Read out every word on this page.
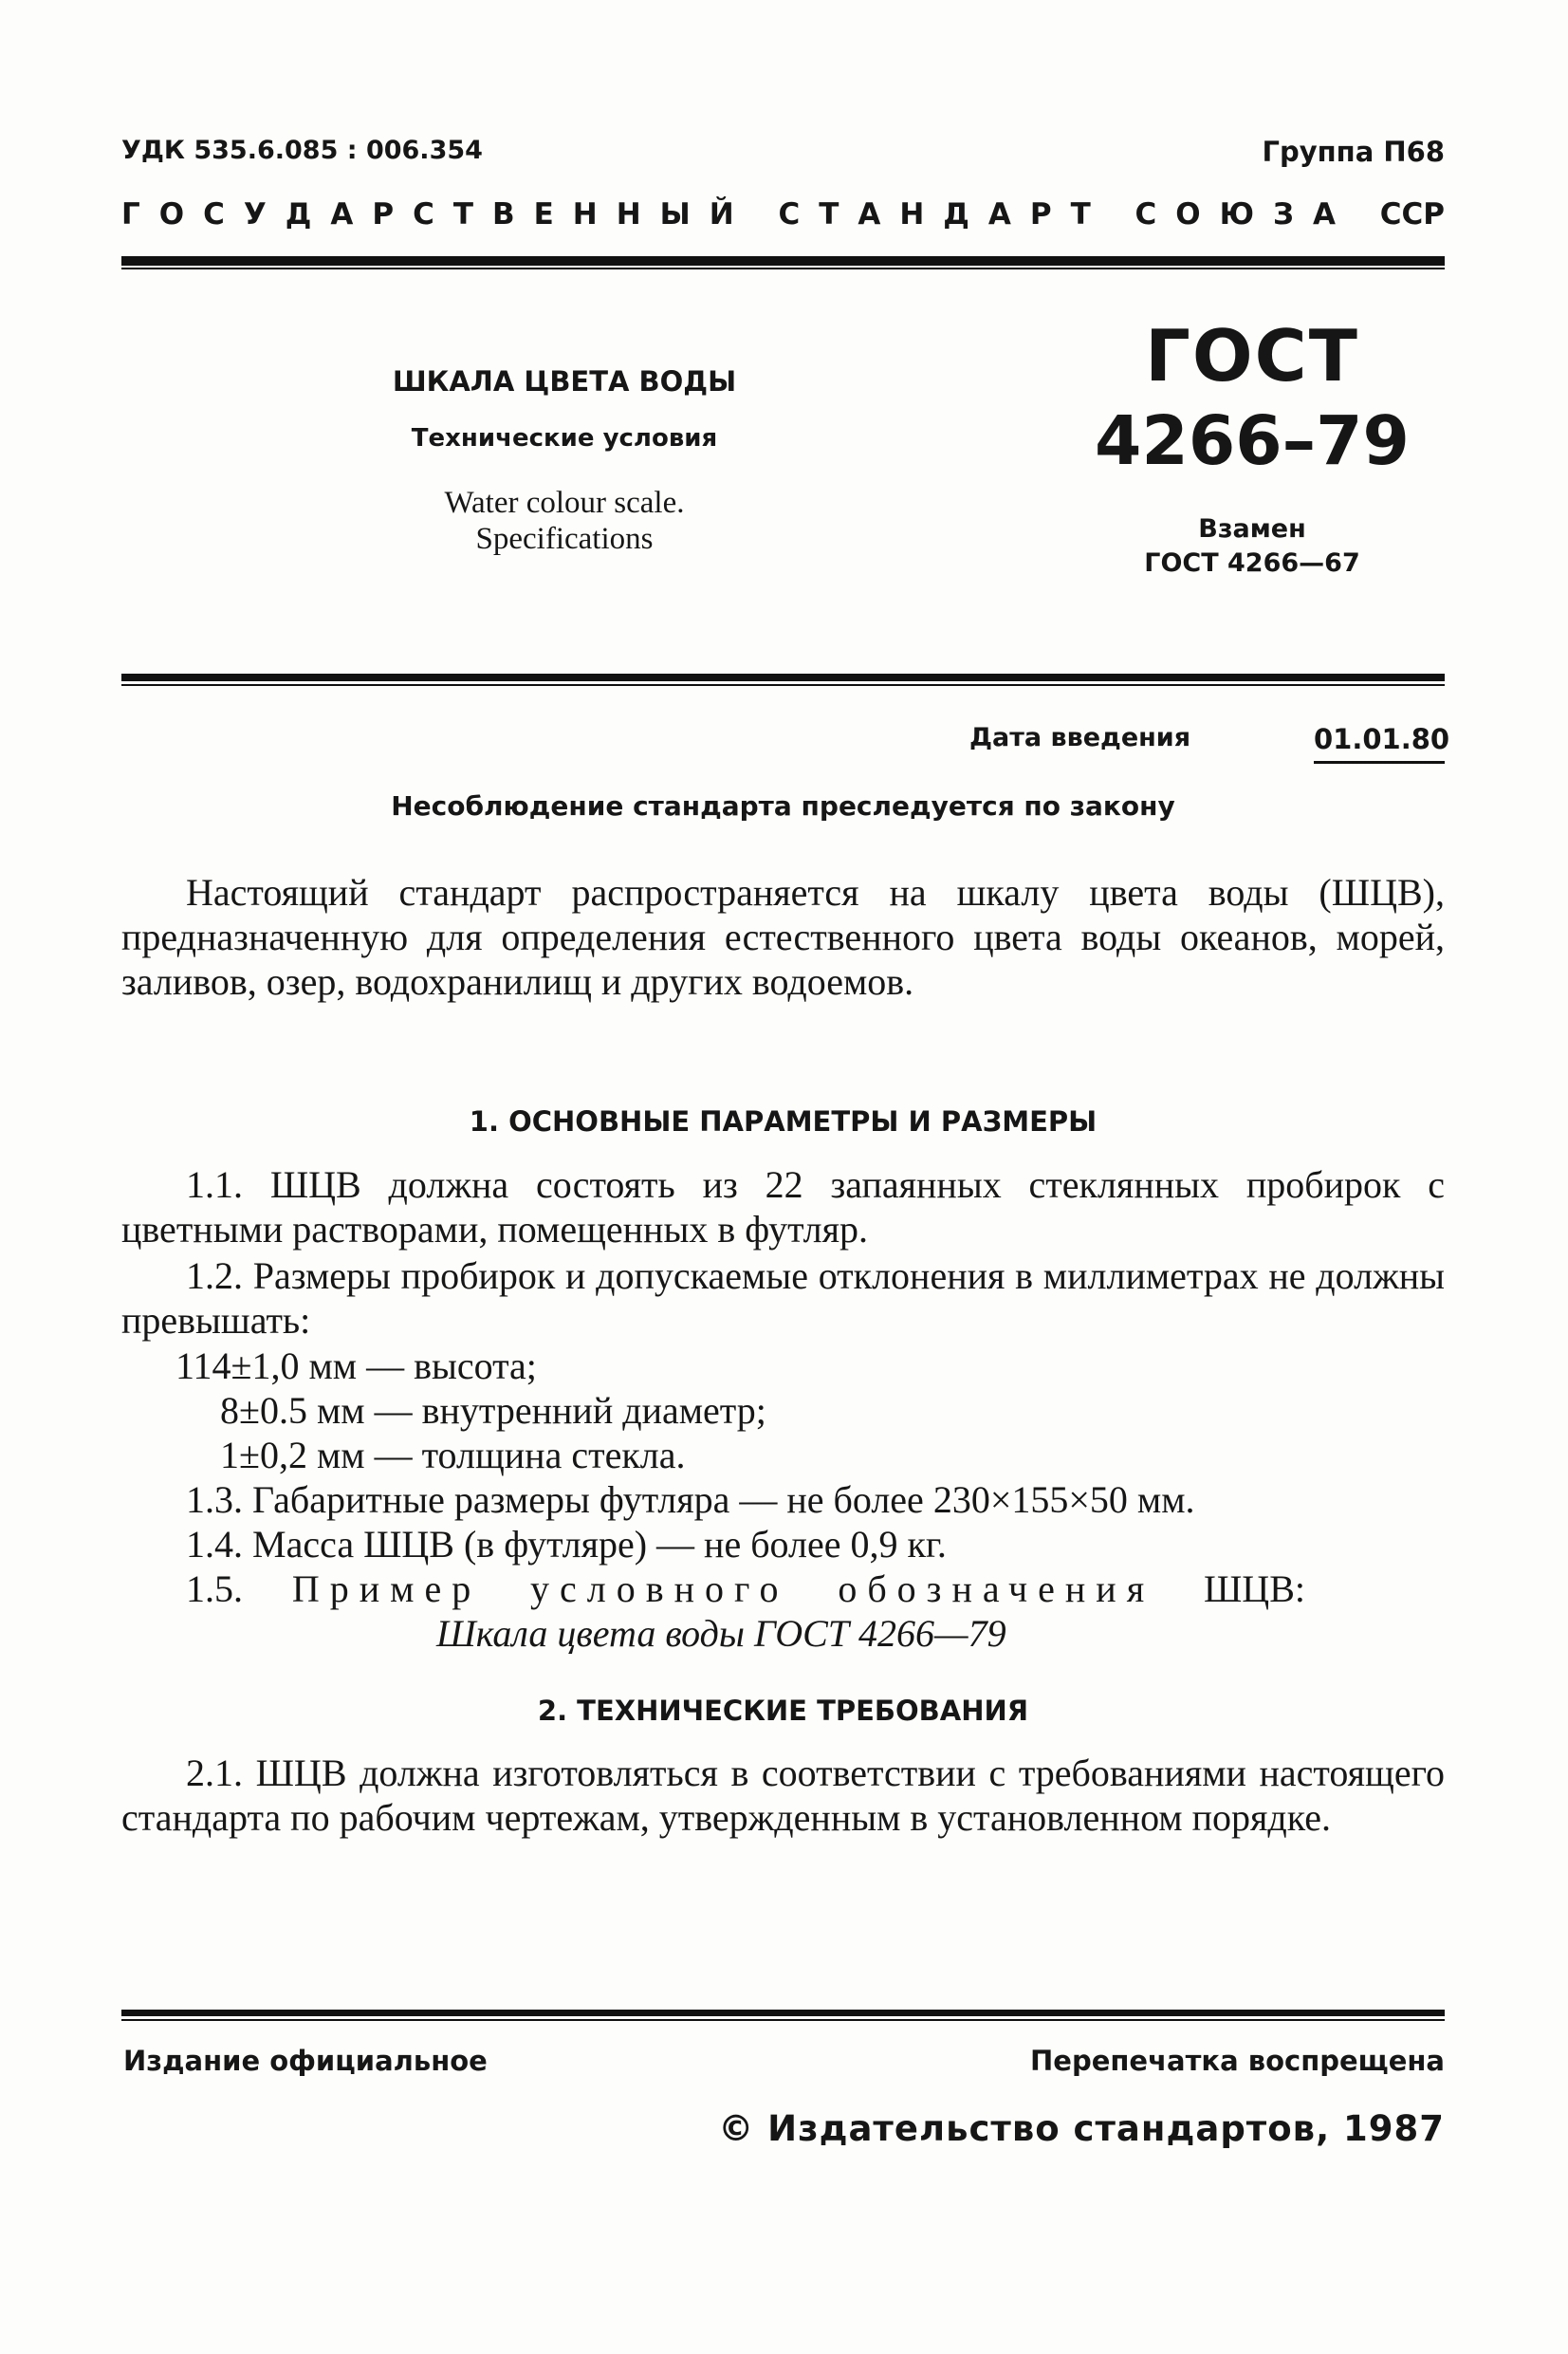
УДК 535.6.085 : 006.354	Группа П68
ГОСУДАРСТВЕННЫЙ СТАНДАРТ СОЮЗА ССР
ШКАЛА ЦВЕТА ВОДЫ
Технические условия
Water colour scale.
Specifications
ГОСТ
4266–79
Взамен
ГОСТ 4266—67
Дата введения	01.01.80
Несоблюдение стандарта преследуется по закону
Настоящий стандарт распространяется на шкалу цвета воды (ШЦВ), предназначенную для определения естественного цвета воды океанов, морей, заливов, озер, водохранилищ и других водоемов.
1. ОСНОВНЫЕ ПАРАМЕТРЫ И РАЗМЕРЫ
1.1. ШЦВ должна состоять из 22 запаянных стеклянных пробирок с цветными растворами, помещенных в футляр.
1.2. Размеры пробирок и допускаемые отклонения в миллиметрах не должны превышать:
114±1,0 мм — высота;
8±0.5 мм — внутренний диаметр;
1±0,2 мм — толщина стекла.
1.3. Габаритные размеры футляра — не более 230×155×50 мм.
1.4. Масса ШЦВ (в футляре) — не более 0,9 кг.
1.5. Пример условного обозначения ШЦВ:
Шкала цвета воды ГОСТ 4266—79
2. ТЕХНИЧЕСКИЕ ТРЕБОВАНИЯ
2.1. ШЦВ должна изготовляться в соответствии с требованиями настоящего стандарта по рабочим чертежам, утвержденным в установленном порядке.
Издание официальное	Перепечатка воспрещена
© Издательство стандартов, 1987
